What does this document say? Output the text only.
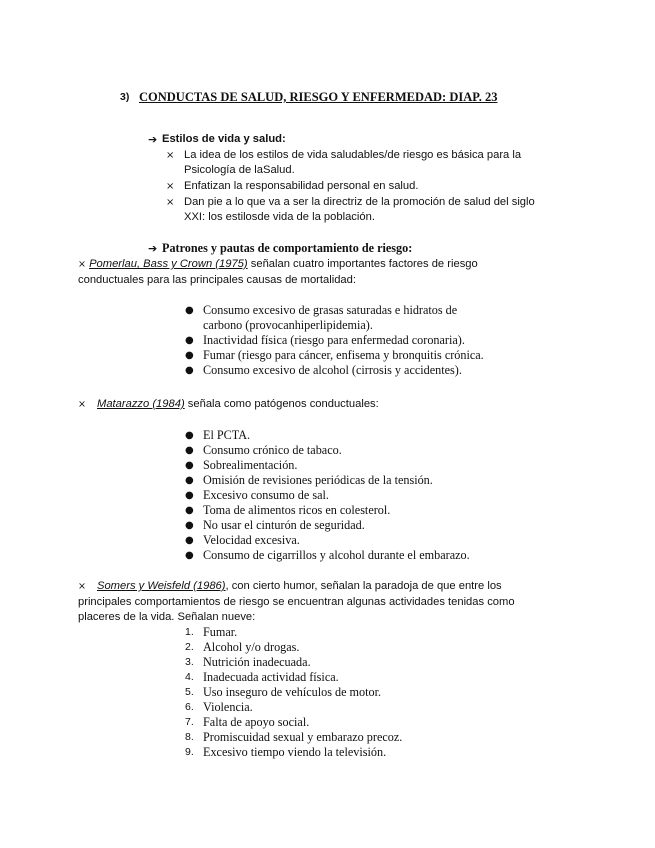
3) CONDUCTAS DE SALUD, RIESGO Y ENFERMEDAD: DIAP. 23
➔ Estilos de vida y salud:
× La idea de los estilos de vida saludables/de riesgo es básica para la
Psicología de laSalud.
× Enfatizan la responsabilidad personal en salud.
× Dan pie a lo que va a ser la directriz de la promoción de salud del siglo
XXI: los estilosde vida de la población.
➔ Patrones y pautas de comportamiento de riesgo:
× Pomerlau, Bass y Crown (1975) señalan cuatro importantes factores de riesgo
conductuales para las principales causas de mortalidad:
● Consumo excesivo de grasas saturadas e hidratos de
carbono (provocanhiperlipidemia).
● Inactividad física (riesgo para enfermedad coronaria).
● Fumar (riesgo para cáncer, enfisema y bronquitis crónica.
● Consumo excesivo de alcohol (cirrosis y accidentes).
× Matarazzo (1984) señala como patógenos conductuales:
● El PCTA.
● Consumo crónico de tabaco.
● Sobrealimentación.
● Omisión de revisiones periódicas de la tensión.
● Excesivo consumo de sal.
● Toma de alimentos ricos en colesterol.
● No usar el cinturón de seguridad.
● Velocidad excesiva.
● Consumo de cigarrillos y alcohol durante el embarazo.
× Somers y Weisfeld (1986), con cierto humor, señalan la paradoja de que entre los
principales comportamientos de riesgo se encuentran algunas actividades tenidas como
placeres de la vida. Señalan nueve:
1. Fumar.
2. Alcohol y/o drogas.
3. Nutrición inadecuada.
4. Inadecuada actividad física.
5. Uso inseguro de vehículos de motor.
6. Violencia.
7. Falta de apoyo social.
8. Promiscuidad sexual y embarazo precoz.
9. Excesivo tiempo viendo la televisión.
